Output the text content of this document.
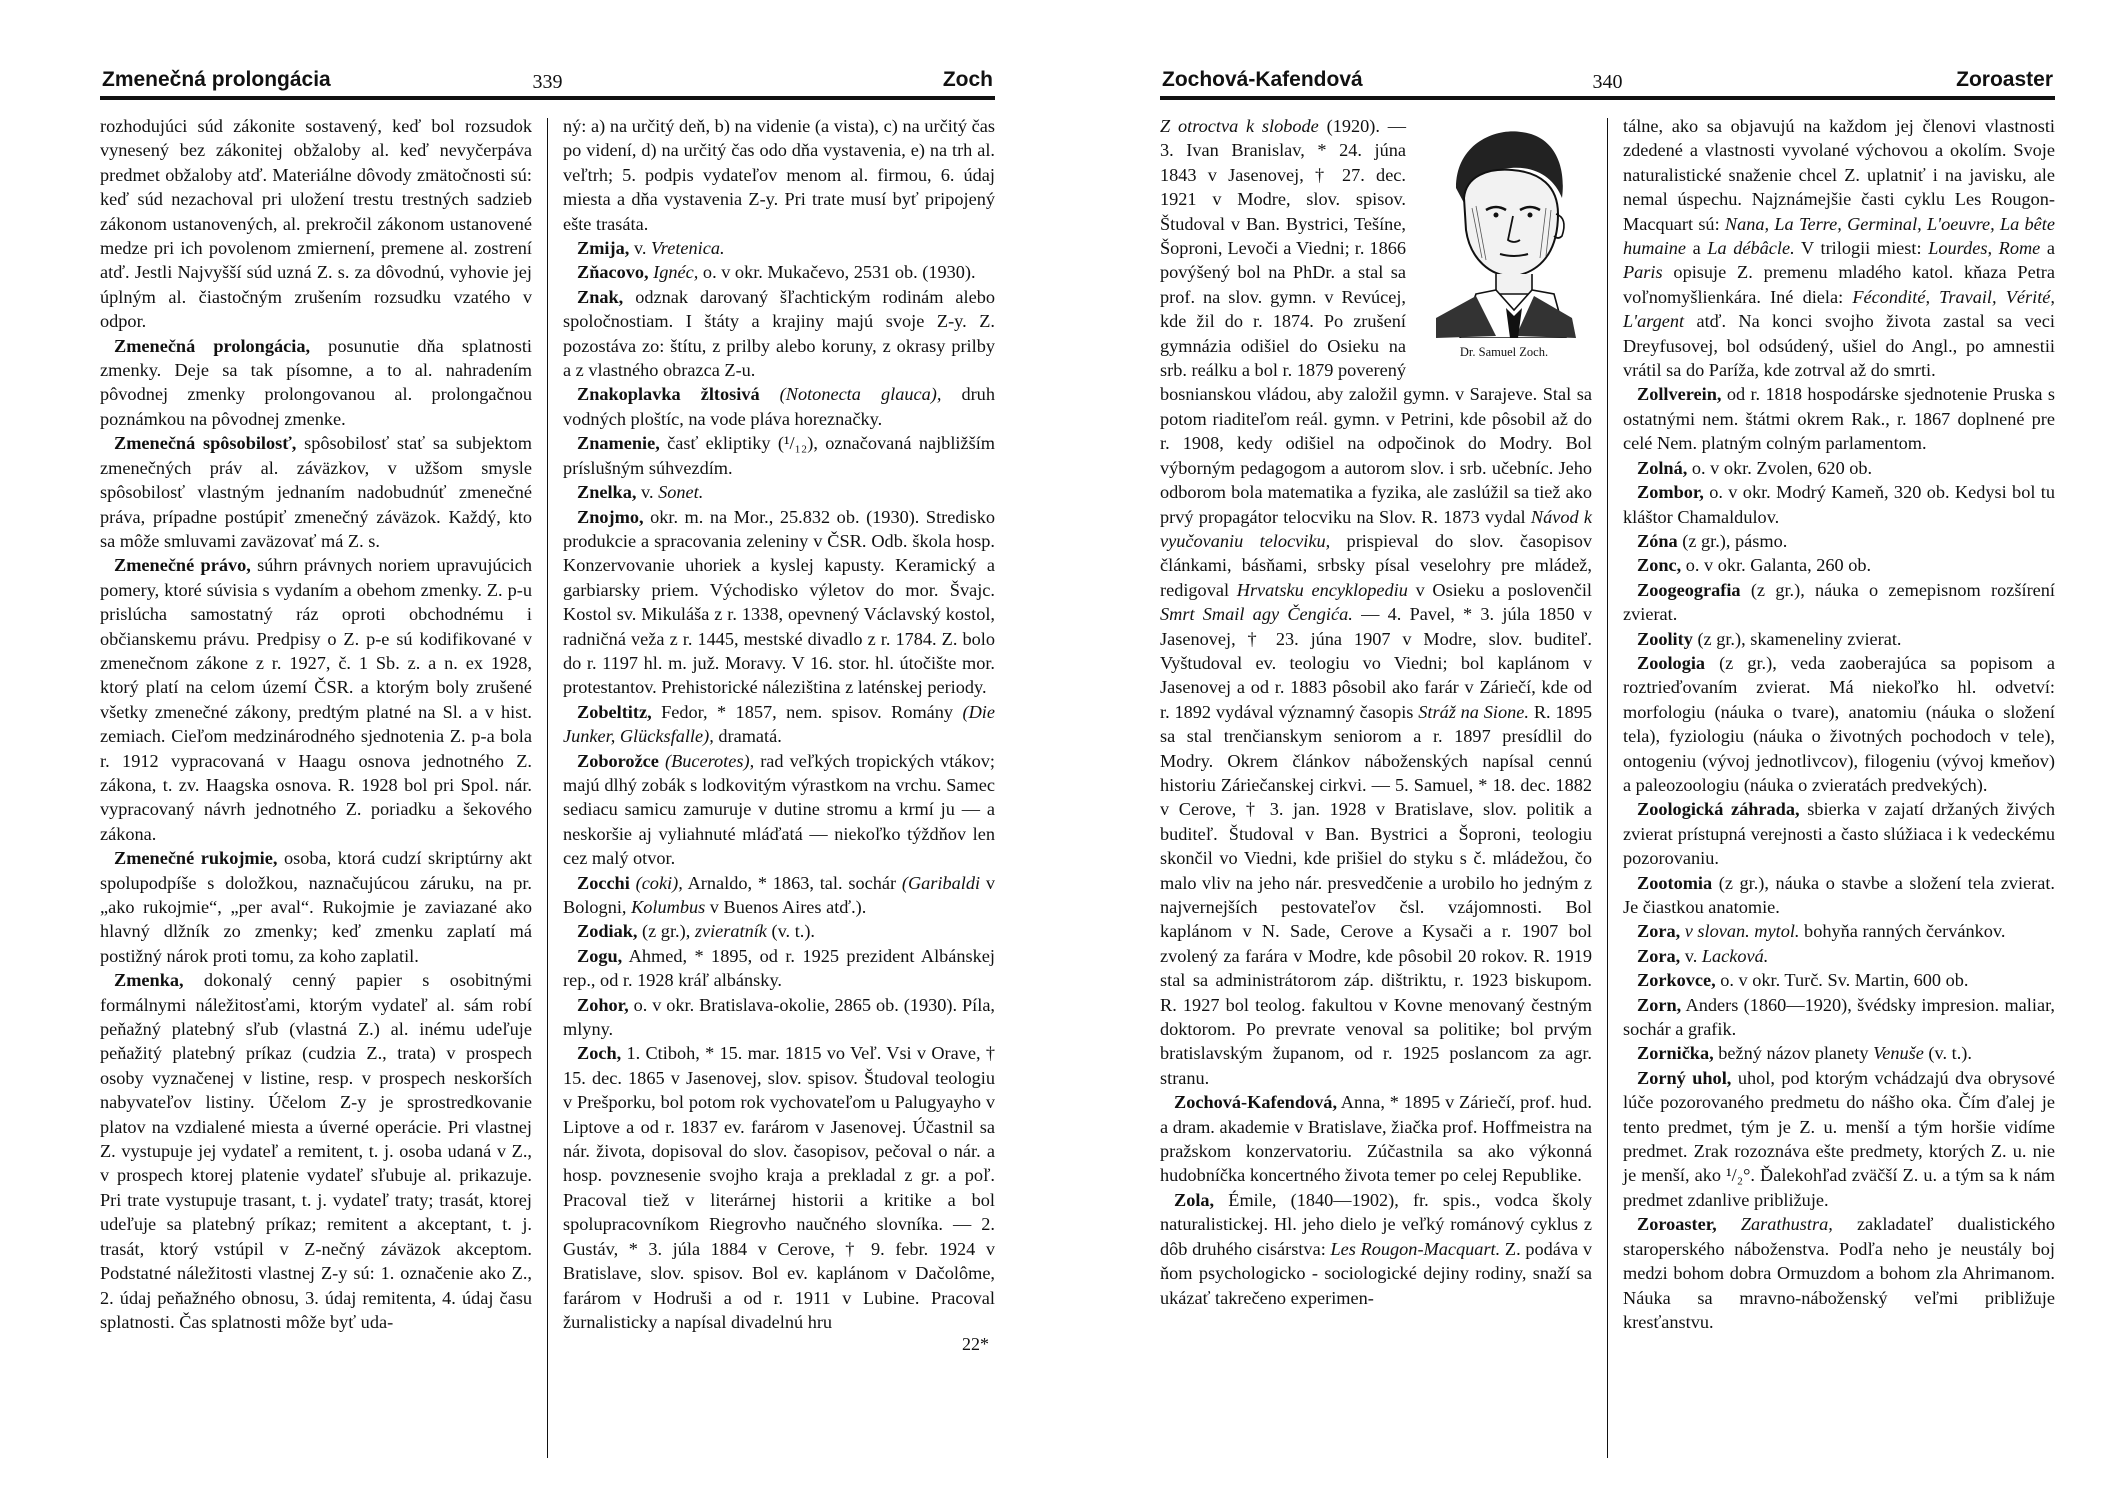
Zmenečná prolongácia	339	Zoch

rozhodujúci súd zákonite sostavený, keď bol rozsudok vynesený bez zákonitej obžaloby al. keď nevyčerpáva predmet obžaloby atď. Materiálne dôvody zmätočnosti sú: keď súd nezachoval pri uložení trestu trestných sadzieb zákonom ustanovených, al. prekročil zákonom ustanovené medze pri ich povolenom zmiernení, premene al. zostrení atď. Jestli Najvyšší súd uzná Z. s. za dôvodnú, vyhovie jej úplným al. čiastočným zrušením rozsudku vzatého v odpor.

Zmenečná prolongácia, posunutie dňa splatnosti zmenky. Deje sa tak písomne, a to al. nahradením pôvodnej zmenky prolongovanou al. prolongačnou poznámkou na pôvodnej zmenke.

Zmenečná spôsobilosť, spôsobilosť stať sa subjektom zmenečných práv al. záväzkov, v užšom smysle spôsobilosť vlastným jednaním nadobudnúť zmenečné práva, prípadne postúpiť zmenečný záväzok. Každý, kto sa môže smluvami zaväzovať má Z. s.

Zmenečné právo, súhrn právnych noriem upravujúcich pomery, ktoré súvisia s vydaním a obehom zmenky. Z. p-u prislúcha samostatný ráz oproti obchodnému i občianskemu právu. Predpisy o Z. p-e sú kodifikované v zmenečnom zákone z r. 1927, č. 1 Sb. z. a n. ex 1928, ktorý platí na celom území ČSR. a ktorým boly zrušené všetky zmenečné zákony, predtým platné na Sl. a v hist. zemiach. Cieľom medzinárodného sjednotenia Z. p-a bola r. 1912 vypracovaná v Haagu osnova jednotného Z. zákona, t. zv. Haagska osnova. R. 1928 bol pri Spol. nár. vypracovaný návrh jednotného Z. poriadku a šekového zákona.

Zmenečné rukojmie, osoba, ktorá cudzí skriptúrny akt spolupodpíše s doložkou, naznačujúcou záruku, na pr. „ako rukojmie“, „per aval“. Rukojmie je zaviazané ako hlavný dlžník zo zmenky; keď zmenku zaplatí má postižný nárok proti tomu, za koho zaplatil.

Zmenka, dokonalý cenný papier s osobitnými formálnymi náležitosťami, ktorým vydateľ al. sám robí peňažný platebný sľub (vlastná Z.) al. inému udeľuje peňažitý platebný príkaz (cudzia Z., trata) v prospech osoby vyznačenej v listine, resp. v prospech neskorších nabyvateľov listiny. Účelom Z-y je sprostredkovanie platov na vzdialené miesta a úverné operácie. Pri vlastnej Z. vystupuje jej vydateľ a remitent, t. j. osoba udaná v Z., v prospech ktorej platenie vydateľ sľubuje al. prikazuje. Pri trate vystupuje trasant, t. j. vydateľ traty; trasát, ktorej udeľuje sa platebný príkaz; remitent a akceptant, t. j. trasát, ktorý vstúpil v Z-nečný záväzok akceptom. Podstatné náležitosti vlastnej Z-y sú: 1. označenie ako Z., 2. údaj peňažného obnosu, 3. údaj remitenta, 4. údaj času splatnosti. Čas splatnosti môže byť uda-

ný: a) na určitý deň, b) na videnie (a vista), c) na určitý čas po videní, d) na určitý čas odo dňa vystavenia, e) na trh al. veľtrh; 5. podpis vydateľov menom al. firmou, 6. údaj miesta a dňa vystavenia Z-y. Pri trate musí byť pripojený ešte trasáta.

Zmija, v. Vretenica.

Zňacovo, Ignéc, o. v okr. Mukačevo, 2531 ob. (1930).

Znak, odznak darovaný šľachtickým rodinám alebo spoločnostiam. I štáty a krajiny majú svoje Z-y. Z. pozostáva zo: štítu, z prilby alebo koruny, z okrasy prilby a z vlastného obrazca Z-u.

Znakoplavka žltosivá (Notonecta glauca), druh vodných ploštíc, na vode pláva horeznačky.

Znamenie, časť ekliptiky (¹/₁₂), označovaná najbližším príslušným súhvezdím.

Znelka, v. Sonet.

Znojmo, okr. m. na Mor., 25.832 ob. (1930). Stredisko produkcie a spracovania zeleniny v ČSR. Odb. škola hosp. Konzervovanie uhoriek a kyslej kapusty. Keramický a garbiarsky priem. Východisko výletov do mor. Švajc. Kostol sv. Mikuláša z r. 1338, opevnený Václavský kostol, radničná veža z r. 1445, mestské divadlo z r. 1784. Z. bolo do r. 1197 hl. m. juž. Moravy. V 16. stor. hl. útočište mor. protestantov. Prehistorické náleziština z laténskej periody.

Zobeltitz, Fedor, * 1857, nem. spisov. Romány (Die Junker, Glücksfalle), dramatá.

Zoborožce (Bucerotes), rad veľkých tropických vtákov; majú dlhý zobák s lodkovitým výrastkom na vrchu. Samec sediacu samicu zamuruje v dutine stromu a krmí ju — a neskoršie aj vyliahnuté mláďatá — niekoľko týždňov len cez malý otvor.

Zocchi (coki), Arnaldo, * 1863, tal. sochár (Garibaldi v Bologni, Kolumbus v Buenos Aires atď.).

Zodiak, (z gr.), zvieratník (v. t.).

Zogu, Ahmed, * 1895, od r. 1925 prezident Albánskej rep., od r. 1928 kráľ albánsky.

Zohor, o. v okr. Bratislava-okolie, 2865 ob. (1930). Píla, mlyny.

Zoch, 1. Ctiboh, * 15. mar. 1815 vo Veľ. Vsi v Orave, † 15. dec. 1865 v Jasenovej, slov. spisov. Študoval teologiu v Prešporku, bol potom rok vychovateľom u Palugyayho v Liptove a od r. 1837 ev. farárom v Jasenovej. Účastnil sa nár. života, dopisoval do slov. časopisov, pečoval o nár. a hosp. povznesenie svojho kraja a prekladal z gr. a poľ. Pracoval tiež v literárnej historii a kritike a bol spolupracovníkom Riegrovho naučného slovníka. — 2. Gustáv, * 3. júla 1884 v Cerove, † 9. febr. 1924 v Bratislave, slov. spisov. Bol ev. kaplánom v Dačolôme, farárom v Hodruši a od r. 1911 v Lubine. Pracoval žurnalisticky a napísal divadelnú hru

22*
Zochová-Kafendová	340	Zoroaster
Dr. Samuel Zoch.

Z otroctva k slobode (1920). — 3. Ivan Branislav, * 24. júna 1843 v Jasenovej, † 27. dec. 1921 v Modre, slov. spisov. Študoval v Ban. Bystrici, Tešíne, Šoproni, Levoči a Viedni; r. 1866 povýšený bol na PhDr. a stal sa prof. na slov. gymn. v Revúcej, kde žil do r. 1874. Po zrušení gymnázia odišiel do Osieku na srb. reálku a bol r. 1879 poverený bosnianskou vládou, aby založil gymn. v Sarajeve. Stal sa potom riaditeľom reál. gymn. v Petrini, kde pôsobil až do r. 1908, kedy odišiel na odpočinok do Modry. Bol výborným pedagogom a autorom slov. i srb. učebníc. Jeho odborom bola matematika a fyzika, ale zaslúžil sa tiež ako prvý propagátor telocviku na Slov. R. 1873 vydal Návod k vyučovaniu telocviku, prispieval do slov. časopisov článkami, básňami, srbsky písal veselohry pre mládež, redigoval Hrvatsku encyklopediu v Osieku a poslovenčil Smrt Smail agy Čengića. — 4. Pavel, * 3. júla 1850 v Jasenovej, † 23. júna 1907 v Modre, slov. buditeľ. Vyštudoval ev. teologiu vo Viedni; bol kaplánom v Jasenovej a od r. 1883 pôsobil ako farár v Záriečí, kde od r. 1892 vydával významný časopis Stráž na Sione. R. 1895 sa stal trenčianskym seniorom a r. 1897 presídlil do Modry. Okrem článkov náboženských napísal cennú historiu Záriečanskej cirkvi. — 5. Samuel, * 18. dec. 1882 v Cerove, † 3. jan. 1928 v Bratislave, slov. politik a buditeľ. Študoval v Ban. Bystrici a Šoproni, teologiu skončil vo Viedni, kde prišiel do styku s č. mládežou, čo malo vliv na jeho nár. presvedčenie a urobilo ho jedným z najvernejších pestovateľov čsl. vzájomnosti. Bol kaplánom v N. Sade, Cerove a Kysači a r. 1907 bol zvolený za farára v Modre, kde pôsobil 20 rokov. R. 1919 stal sa administrátorom záp. dištriktu, r. 1923 biskupom. R. 1927 bol teolog. fakultou v Kovne menovaný čestným doktorom. Po prevrate venoval sa politike; bol prvým bratislavským županom, od r. 1925 poslancom za agr. stranu.

Zochová-Kafendová, Anna, * 1895 v Záriečí, prof. hud. a dram. akademie v Bratislave, žiačka prof. Hoffmeistra na pražskom konzervatoriu. Zúčastnila sa ako výkonná hudobníčka koncertného života temer po celej Republike.

Zola, Émile, (1840—1902), fr. spis., vodca školy naturalistickej. Hl. jeho dielo je veľký románový cyklus z dôb druhého cisárstva: Les Rougon-Macquart. Z. podáva v ňom psychologicko - sociologické dejiny rodiny, snaží sa ukázať takrečeno experimen-

tálne, ako sa objavujú na každom jej členovi vlastnosti zdedené a vlastnosti vyvolané výchovou a okolím. Svoje naturalistické snaženie chcel Z. uplatniť i na javisku, ale nemal úspechu. Najznámejšie časti cyklu Les Rougon-Macquart sú: Nana, La Terre, Germinal, L'oeuvre, La bête humaine a La débâcle. V trilogii miest: Lourdes, Rome a Paris opisuje Z. premenu mladého katol. kňaza Petra voľnomyšlienkára. Iné diela: Fécondité, Travail, Vérité, L'argent atď. Na konci svojho života zastal sa veci Dreyfusovej, bol odsúdený, ušiel do Angl., po amnestii vrátil sa do Paríža, kde zotrval až do smrti.

Zollverein, od r. 1818 hospodárske sjednotenie Pruska s ostatnými nem. štátmi okrem Rak., r. 1867 doplnené pre celé Nem. platným colným parlamentom.

Zolná, o. v okr. Zvolen, 620 ob.

Zombor, o. v okr. Modrý Kameň, 320 ob. Kedysi bol tu kláštor Chamaldulov.

Zóna (z gr.), pásmo.

Zonc, o. v okr. Galanta, 260 ob.

Zoogeografia (z gr.), náuka o zemepisnom rozšírení zvierat.

Zoolity (z gr.), skameneliny zvierat.

Zoologia (z gr.), veda zaoberajúca sa popisom a roztrieďovaním zvierat. Má niekoľko hl. odvetví: morfologiu (náuka o tvare), anatomiu (náuka o složení tela), fyziologiu (náuka o životných pochodoch v tele), ontogeniu (vývoj jednotlivcov), filogeniu (vývoj kmeňov) a paleozoologiu (náuka o zvieratách predvekých).

Zoologická záhrada, sbierka v zajatí držaných živých zvierat prístupná verejnosti a často slúžiaca i k vedeckému pozorovaniu.

Zootomia (z gr.), náuka o stavbe a složení tela zvierat. Je čiastkou anatomie.

Zora, v slovan. mytol. bohyňa ranných červánkov.

Zora, v. Lacková.

Zorkovce, o. v okr. Turč. Sv. Martin, 600 ob.

Zorn, Anders (1860—1920), švédsky impresion. maliar, sochár a grafik.

Zornička, bežný názov planety Venuše (v. t.).

Zorný uhol, uhol, pod ktorým vchádzajú dva obrysové lúče pozorovaného predmetu do nášho oka. Čím ďalej je tento predmet, tým je Z. u. menší a tým horšie vidíme predmet. Zrak rozoznáva ešte predmety, ktorých Z. u. nie je menší, ako ¹/₂°. Ďalekohľad zväčší Z. u. a tým sa k nám predmet zdanlive približuje.

Zoroaster, Zarathustra, zakladateľ dualistického staroperského náboženstva. Podľa neho je neustály boj medzi bohom dobra Ormuzdom a bohom zla Ahrimanom. Náuka sa mravno-náboženský veľmi približuje kresťanstvu.
